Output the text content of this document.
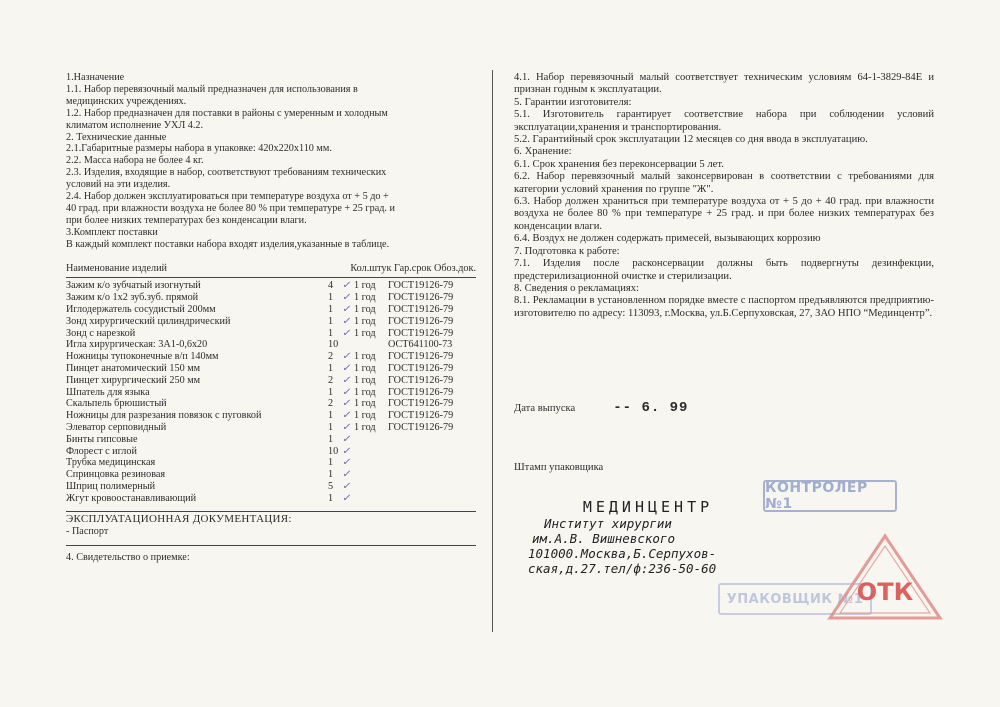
1.Назначение

1.1. Набор перевязочный малый предназначен для использования в

медицинских учреждениях.

1.2. Набор предназначен для поставки в районы с умеренным и холодным

климатом исполнение УХЛ 4.2.

2. Технические данные

2.1.Габаритные размеры набора в упаковке: 420х220х110 мм.

2.2. Масса набора не более 4 кг.

2.3. Изделия, входящие в набор, соответствуют требованиям технических

условий на эти изделия.

2.4. Набор должен эксплуатироваться при температуре воздуха от + 5 до +

40 град. при влажности воздуха не более 80 % при температуре + 25 град. и

при более низких температурах без конденсации влаги.

3.Комплект поставки

В каждый комплект поставки набора входят изделия,указанные в таблице.

Наименование изделий	Кол.штук Гар.срок Обоз.док.
Зажим к/о зубчатый изогнутый	4 ✓ 1 год	ГОСТ19126-79
Зажим к/о 1х2 зуб.зуб. прямой	1 ✓ 1 год	ГОСТ19126-79
Иглодержатель сосудистый 200мм	1 ✓ 1 год	ГОСТ19126-79
Зонд хирургический цилиндрический	1 ✓ 1 год	ГОСТ19126-79
Зонд с нарезкой	1 ✓ 1 год	ГОСТ19126-79
Игла хирургическая: 3А1-0,6х20	10	ОСТ641100-73
Ножницы тупоконечные в/п 140мм	2 ✓ 1 год	ГОСТ19126-79
Пинцет анатомический 150 мм	1 ✓ 1 год	ГОСТ19126-79
Пинцет хирургический 250 мм	2 ✓ 1 год	ГОСТ19126-79
Шпатель для языка	1 ✓ 1 год	ГОСТ19126-79
Скальпель брюшистый	2 ✓ 1 год	ГОСТ19126-79
Ножницы для разрезания повязок с пуговкой	1 ✓ 1 год	ГОСТ19126-79
Элеватор серповидный	1 ✓ 1 год	ГОСТ19126-79
Бинты гипсовые	1 ✓
Флорест с иглой	10 ✓
Трубка медицинская	1 ✓
Спринцовка резиновая	1 ✓
Шприц полимерный	5 ✓
Жгут кровоостанавливающий	1 ✓

ЭКСПЛУАТАЦИОННАЯ ДОКУМЕНТАЦИЯ:

- Паспорт

4. Свидетельство о приемке:

4.1. Набор перевязочный малый соответствует техническим условиям 64-1-3829-84Е и признан годным к эксплуатации.

5. Гарантии изготовителя:

5.1. Изготовитель гарантирует соответствие набора при соблюдении условий эксплуатации,хранения и транспортирования.

5.2. Гарантийный срок эксплуатации 12 месяцев со дня ввода в эксплуатацию.

6. Хранение:

6.1. Срок хранения без переконсервации 5 лет.

6.2. Набор перевязочный малый законсервирован в соответствии с требованиями для категории условий хранения по группе "Ж".

6.3. Набор должен храниться при температуре воздуха от + 5 до + 40 град. при влажности воздуха не более 80 % при температуре + 25 град. и при более низких температурах без конденсации влаги.

6.4. Воздух не должен содержать примесей, вызывающих коррозию

7. Подготовка к работе:

7.1. Изделия после расконсервации должны быть подвергнуты дезинфекции, предстерилизационной очистке и стерилизации.

8. Сведения о рекламациях:

8.1. Рекламации в установленном порядке вместе с паспортом предъявляются предприятию-изготовителю по адресу: 113093, г.Москва, ул.Б.Серпуховская, 27, ЗАО НПО “Мединцентр”.

Дата выпуска	-- 6. 99
Штамп упаковщика
МЕДИНЦЕНТР
Институт хирургии
им.А.В. Вишневского
101000.Москва,Б.Серпухов-
ская,д.27.тел/ф:236-50-60
КОНТРОЛЕР №1
УПАКОВЩИК №1
ОТК
